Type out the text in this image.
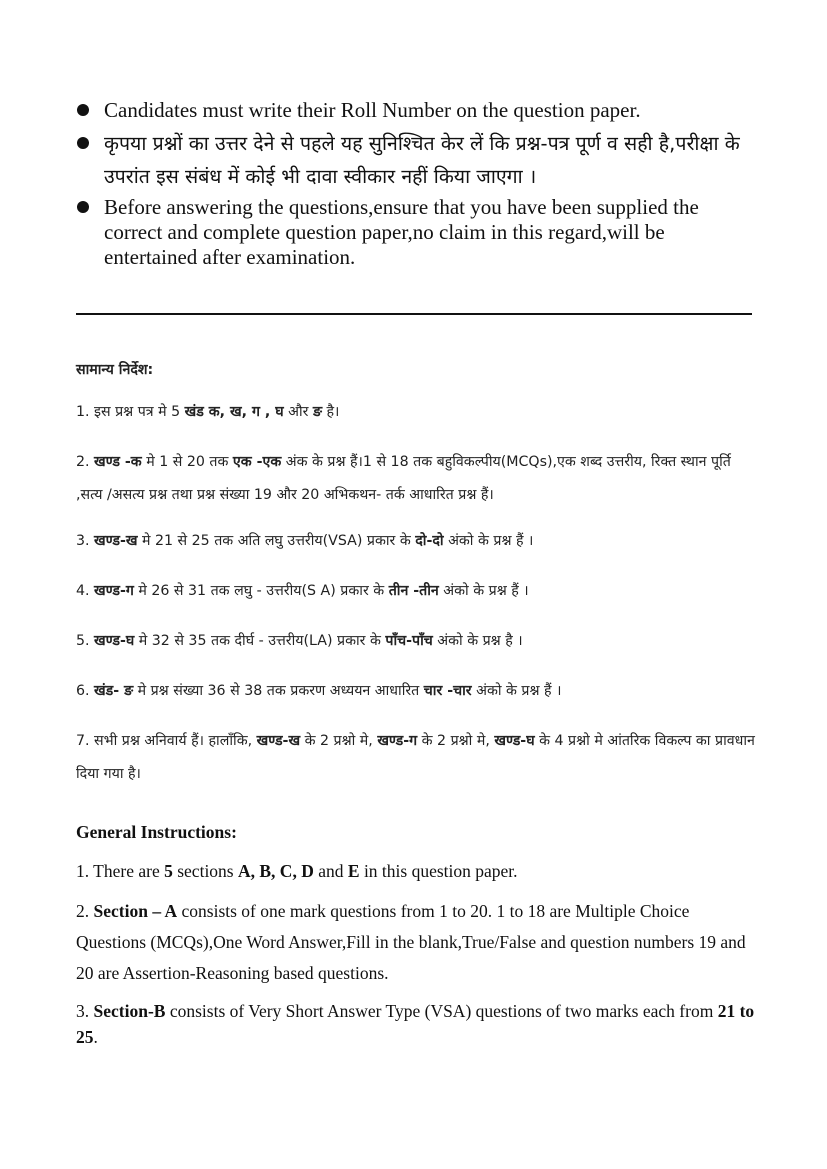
Candidates must write their Roll Number on the question paper.
कृपया प्रश्नों का उत्तर देने से पहले यह सुनिश्चित केर लें कि प्रश्न-पत्र पूर्ण व सही है,परीक्षा के उपरांत इस संबंध में कोई भी दावा स्वीकार नहीं किया जाएगा ।
Before answering the questions,ensure that you have been supplied the correct and complete question paper,no claim in this regard,will be entertained after examination.
सामान्य निर्देश:
1. इस प्रश्न पत्र मे 5 खंड क, ख, ग , घ और ङ है।
2. खण्ड -क मे 1 से 20 तक एक -एक अंक के प्रश्न हैं।1 से 18 तक बहुविकल्पीय(MCQs),एक शब्द उत्तरीय, रिक्त स्थान पूर्ति ,सत्य /असत्य प्रश्न तथा प्रश्न संख्या 19 और 20 अभिकथन- तर्क आधारित प्रश्न हैं।
3. खण्ड-ख मे 21 से 25 तक अति लघु उत्तरीय(VSA) प्रकार के दो-दो अंको के प्रश्न हैं ।
4. खण्ड-ग मे 26 से 31 तक लघु - उत्तरीय(S A) प्रकार के तीन -तीन अंको के प्रश्न हैं ।
5. खण्ड-घ मे 32 से 35 तक दीर्घ - उत्तरीय(LA) प्रकार के पाँच-पाँच अंको के प्रश्न है ।
6. खंड- ङ मे प्रश्न संख्या 36 से 38 तक प्रकरण अध्ययन आधारित चार -चार अंको के प्रश्न हैं ।
7. सभी प्रश्न अनिवार्य हैं। हालाँकि, खण्ड-ख के 2 प्रश्नो मे, खण्ड-ग के 2 प्रश्नो मे, खण्ड-घ के 4 प्रश्नो मे आंतरिक विकल्प का प्रावधान दिया गया है।
General Instructions:
1. There are 5 sections A, B, C, D and E in this question paper.
2. Section – A consists of one mark questions from 1 to 20. 1 to 18 are Multiple Choice Questions (MCQs),One Word Answer,Fill in the blank,True/False and question numbers 19 and 20 are Assertion-Reasoning based questions.
3. Section-B consists of Very Short Answer Type (VSA) questions of two marks each from 21 to 25.
